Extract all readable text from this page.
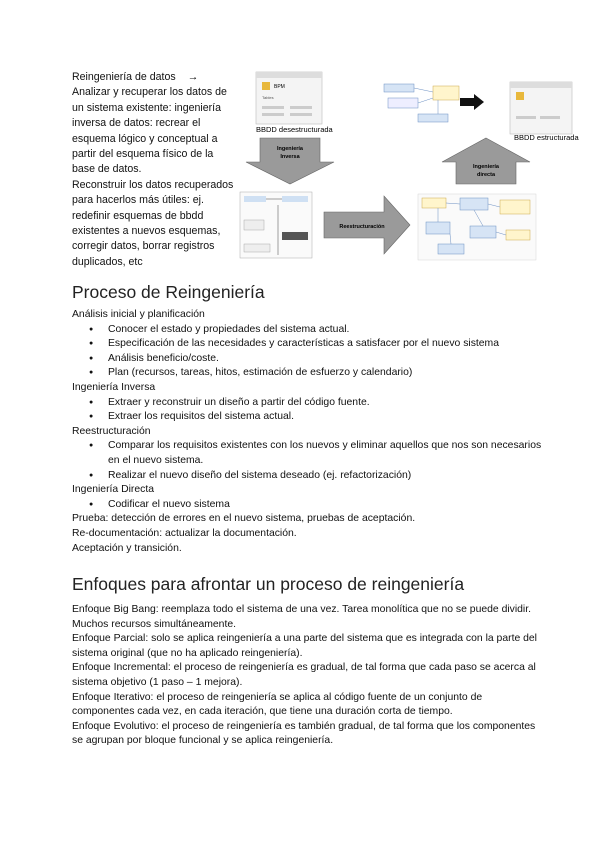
Reingeniería de datos →

Analizar y recuperar los datos de un sistema existente: ingeniería inversa de datos: recrear el esquema lógico y conceptual a partir del esquema físico de la base de datos.

Reconstruir los datos recuperados para hacerlos más útiles: ej. redefinir esquemas de bbdd existentes a nuevos esquemas, corregir datos, borrar registros duplicados, etc

BPM
Tables
BBDD desestructurada
BBDD estructurada
Ingeniería
Inversa
Ingeniería
directa
Reestructuración
Proceso de Reingeniería

Análisis inicial y planificación

● Conocer el estado y propiedades del sistema actual.
● Especificación de las necesidades y características a satisfacer por el nuevo sistema
● Análisis beneficio/coste.
● Plan (recursos, tareas, hitos, estimación de esfuerzo y calendario)

Ingeniería Inversa

● Extraer y reconstruir un diseño a partir del código fuente.
● Extraer los requisitos del sistema actual.

Reestructuración

● Comparar los requisitos existentes con los nuevos y eliminar aquellos que nos son necesarios en el nuevo sistema.
● Realizar el nuevo diseño del sistema deseado (ej. refactorización)

Ingeniería Directa

● Codificar el nuevo sistema

Prueba: detección de errores en el nuevo sistema, pruebas de aceptación.

Re-documentación: actualizar la documentación.

Aceptación y transición.

Enfoques para afrontar un proceso de reingeniería

Enfoque Big Bang: reemplaza todo el sistema de una vez. Tarea monolítica que no se puede dividir. Muchos recursos simultáneamente.

Enfoque Parcial: solo se aplica reingeniería a una parte del sistema que es integrada con la parte del sistema original (que no ha aplicado reingeniería).

Enfoque Incremental: el proceso de reingeniería es gradual, de tal forma que cada paso se acerca al sistema objetivo (1 paso – 1 mejora).

Enfoque Iterativo: el proceso de reingeniería se aplica al código fuente de un conjunto de componentes cada vez, en cada iteración, que tiene una duración corta de tiempo.

Enfoque Evolutivo: el proceso de reingeniería es también gradual, de tal forma que los componentes se agrupan por bloque funcional y se aplica reingeniería.
